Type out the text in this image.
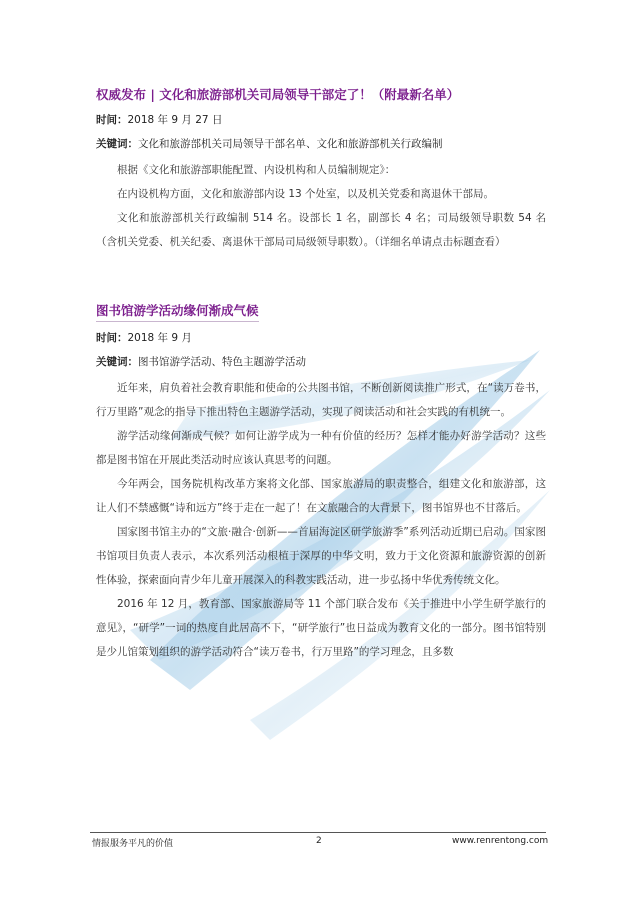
权威发布 | 文化和旅游部机关司局领导干部定了！（附最新名单）
时间：2018 年 9 月 27 日
关键词：文化和旅游部机关司局领导干部名单、文化和旅游部机关行政编制

根据《文化和旅游部职能配置、内设机构和人员编制规定》：

在内设机构方面，文化和旅游部内设 13 个处室，以及机关党委和离退休干部局。

文化和旅游部机关行政编制 514 名。设部长 1 名，副部长 4 名；司局级领导职数 54 名（含机关党委、机关纪委、离退休干部局司局级领导职数）。（详细名单请点击标题查看）

图书馆游学活动缘何渐成气候
时间：2018 年 9 月
关键词：图书馆游学活动、特色主题游学活动

近年来，肩负着社会教育职能和使命的公共图书馆，不断创新阅读推广形式，在“读万卷书，行万里路”观念的指导下推出特色主题游学活动，实现了阅读活动和社会实践的有机统一。

游学活动缘何渐成气候？如何让游学成为一种有价值的经历？怎样才能办好游学活动？这些都是图书馆在开展此类活动时应该认真思考的问题。

今年两会，国务院机构改革方案将文化部、国家旅游局的职责整合，组建文化和旅游部，这让人们不禁感慨“诗和远方”终于走在一起了！在文旅融合的大背景下，图书馆界也不甘落后。

国家图书馆主办的“文旅·融合·创新——首届海淀区研学旅游季”系列活动近期已启动。国家图书馆项目负责人表示，本次系列活动根植于深厚的中华文明，致力于文化资源和旅游资源的创新性体验，探索面向青少年儿童开展深入的科教实践活动，进一步弘扬中华优秀传统文化。

2016 年 12 月，教育部、国家旅游局等 11 个部门联合发布《关于推进中小学生研学旅行的意见》，“研学”一词的热度自此居高不下，“研学旅行”也日益成为教育文化的一部分。图书馆特别是少儿馆策划组织的游学活动符合“读万卷书，行万里路”的学习理念，且多数

情报服务平凡的价值	2	www.renrentong.com
